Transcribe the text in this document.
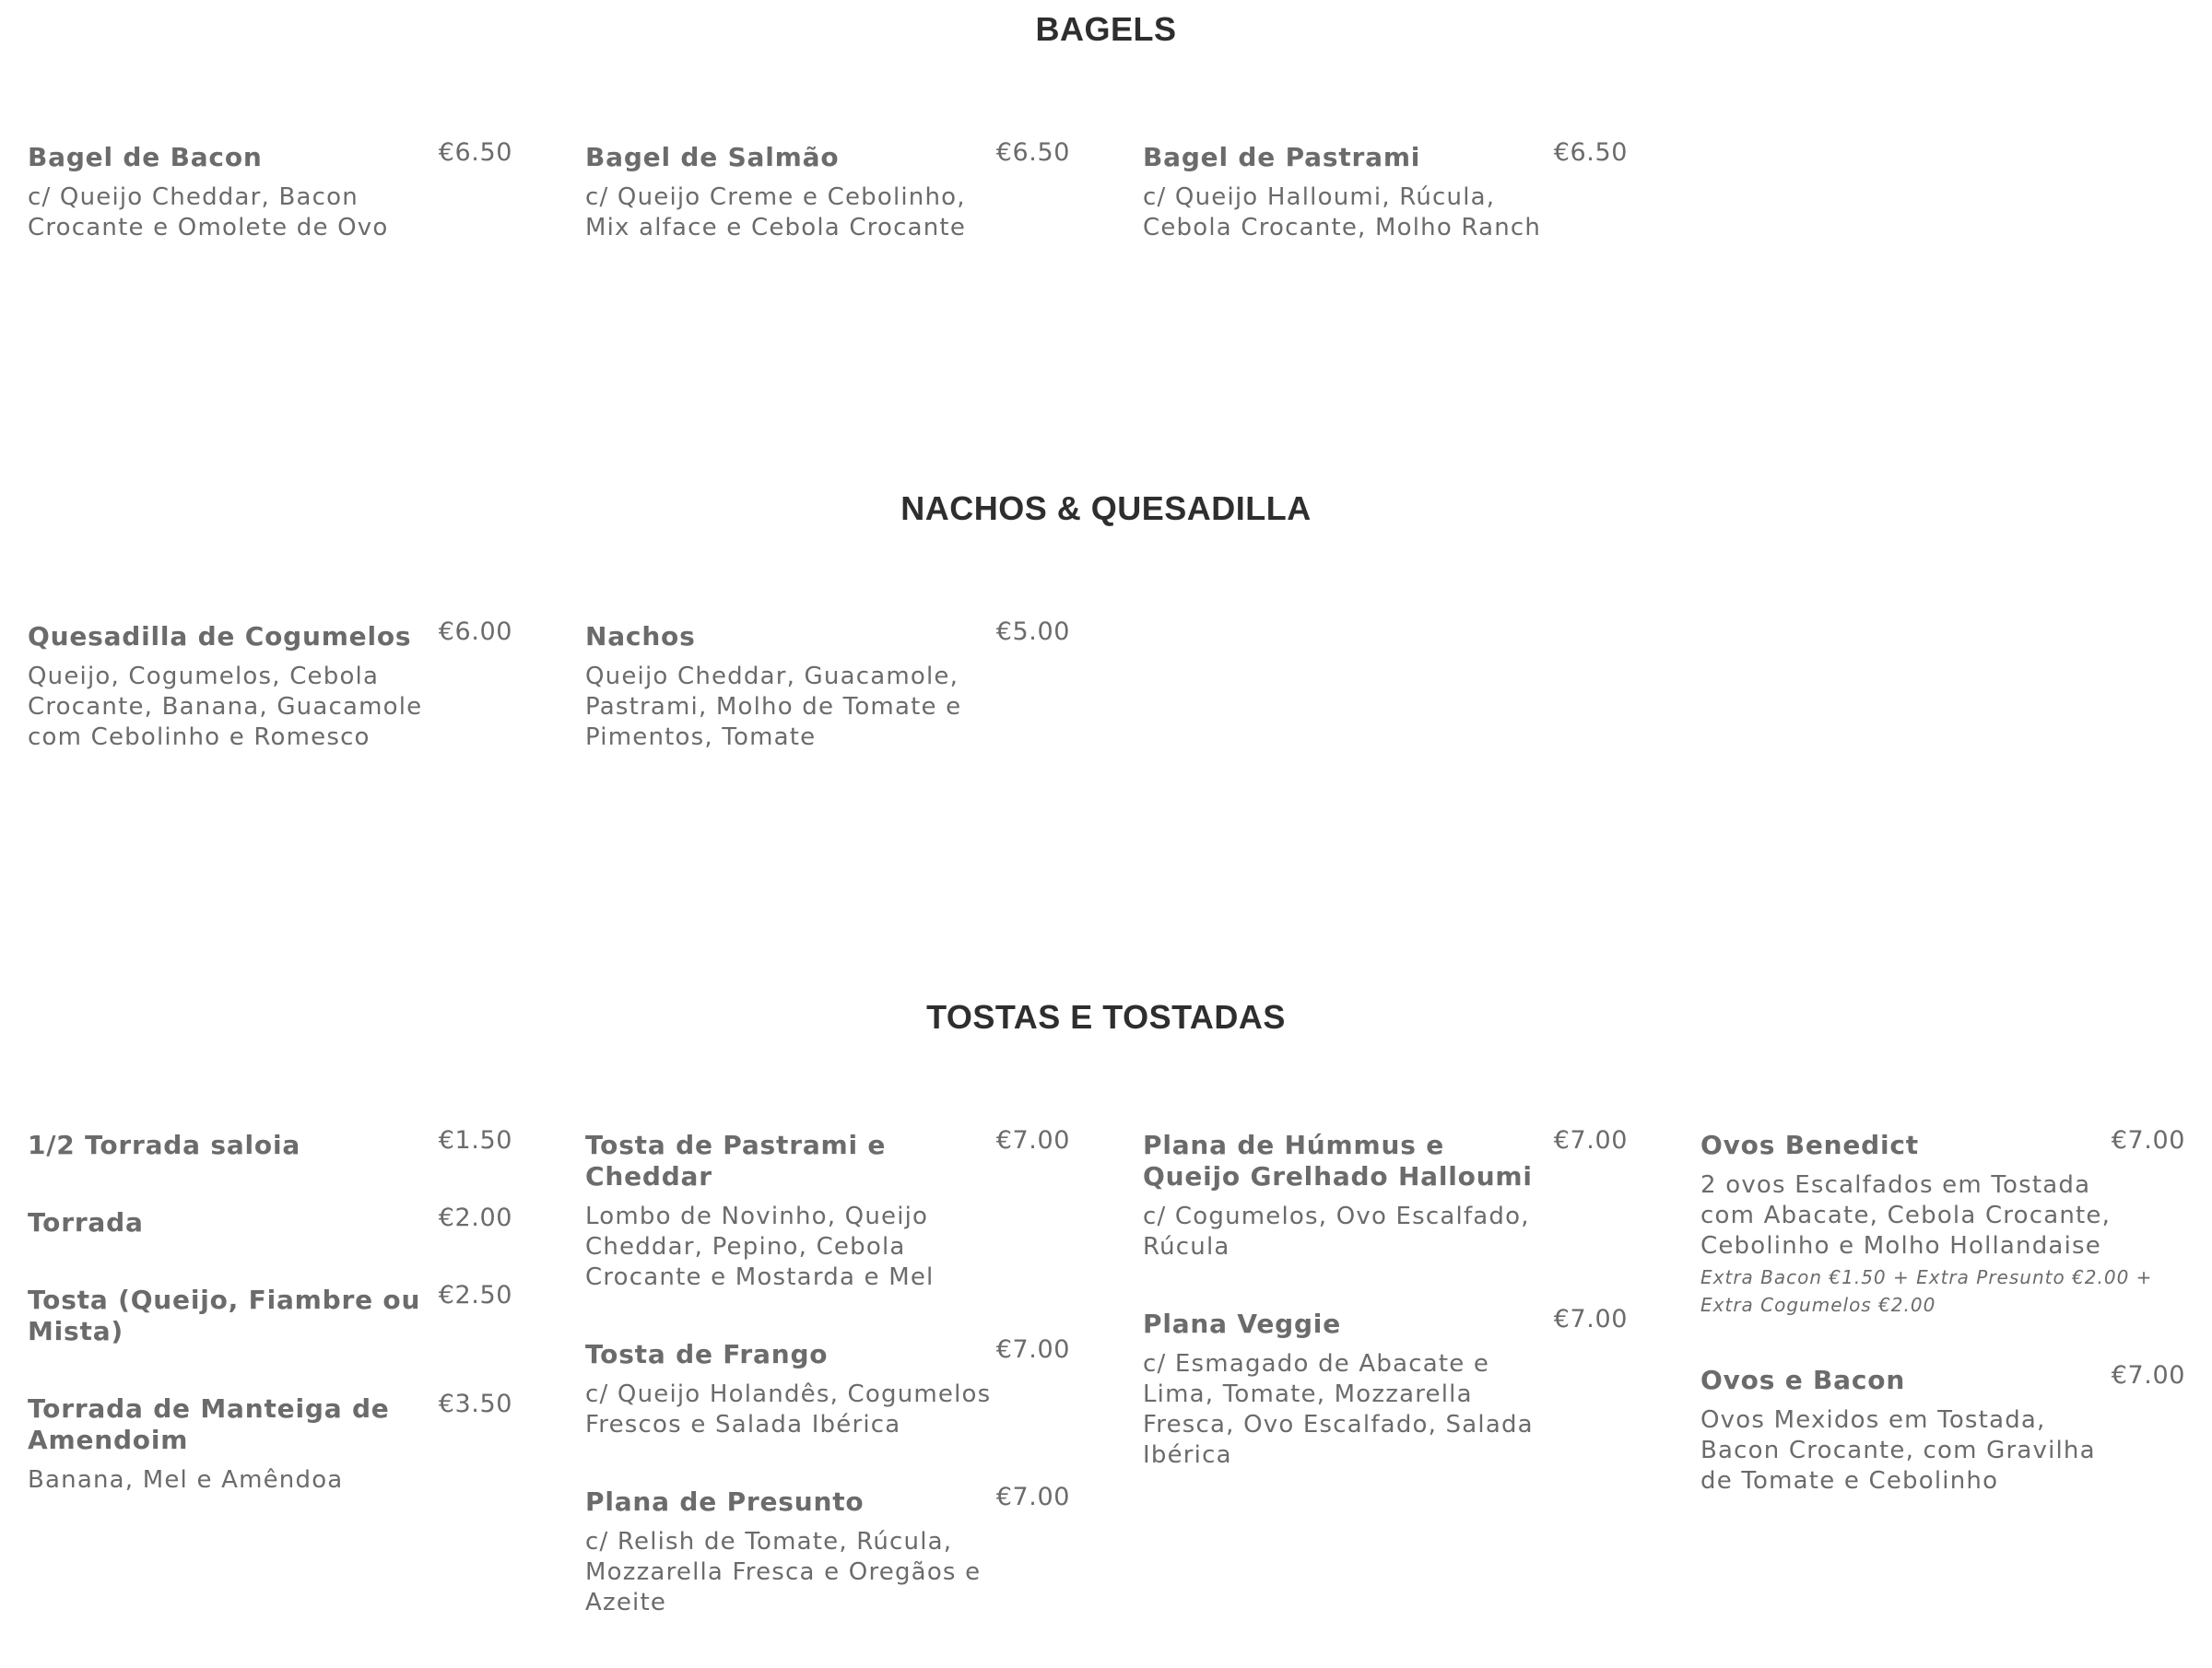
BAGELS
Bagel de Bacon	€6.50
c/ Queijo Cheddar, Bacon Crocante e Omolete de Ovo
Bagel de Salmão	€6.50
c/ Queijo Creme e Cebolinho, Mix alface e Cebola Crocante
Bagel de Pastrami	€6.50
c/ Queijo Halloumi, Rúcula, Cebola Crocante, Molho Ranch
NACHOS & QUESADILLA
Quesadilla de Cogumelos €6.00
Queijo, Cogumelos, Cebola Crocante, Banana, Guacamole com Cebolinho e Romesco
Nachos	€5.00
Queijo Cheddar, Guacamole, Pastrami, Molho de Tomate e Pimentos, Tomate
TOSTAS E TOSTADAS
1/2 Torrada saloia	€1.50
Torrada	€2.00
Tosta (Queijo, Fiambre ou Mista)
€2.50
Torrada de Manteiga de Amendoim
€3.50
Banana, Mel e Amêndoa
Tosta de Pastrami e Cheddar
€7.00
Lombo de Novinho, Queijo Cheddar, Pepino, Cebola Crocante e Mostarda e Mel
Tosta de Frango	€7.00
c/ Queijo Holandês, Cogumelos Frescos e Salada Ibérica
Plana de Presunto	€7.00
c/ Relish de Tomate, Rúcula, Mozzarella Fresca e Oregãos e Azeite
Plana de Húmmus e Queijo Grelhado Halloumi
€7.00
c/ Cogumelos, Ovo Escalfado, Rúcula
Plana Veggie	€7.00
c/ Esmagado de Abacate e Lima, Tomate, Mozzarella Fresca, Ovo Escalfado, Salada Ibérica
Ovos Benedict	€7.00
2 ovos Escalfados em Tostada com Abacate, Cebola Crocante, Cebolinho e Molho Hollandaise
Extra Bacon €1.50 + Extra Presunto €2.00 + Extra Cogumelos €2.00
Ovos e Bacon	€7.00
Ovos Mexidos em Tostada, Bacon Crocante, com Gravilha de Tomate e Cebolinho
